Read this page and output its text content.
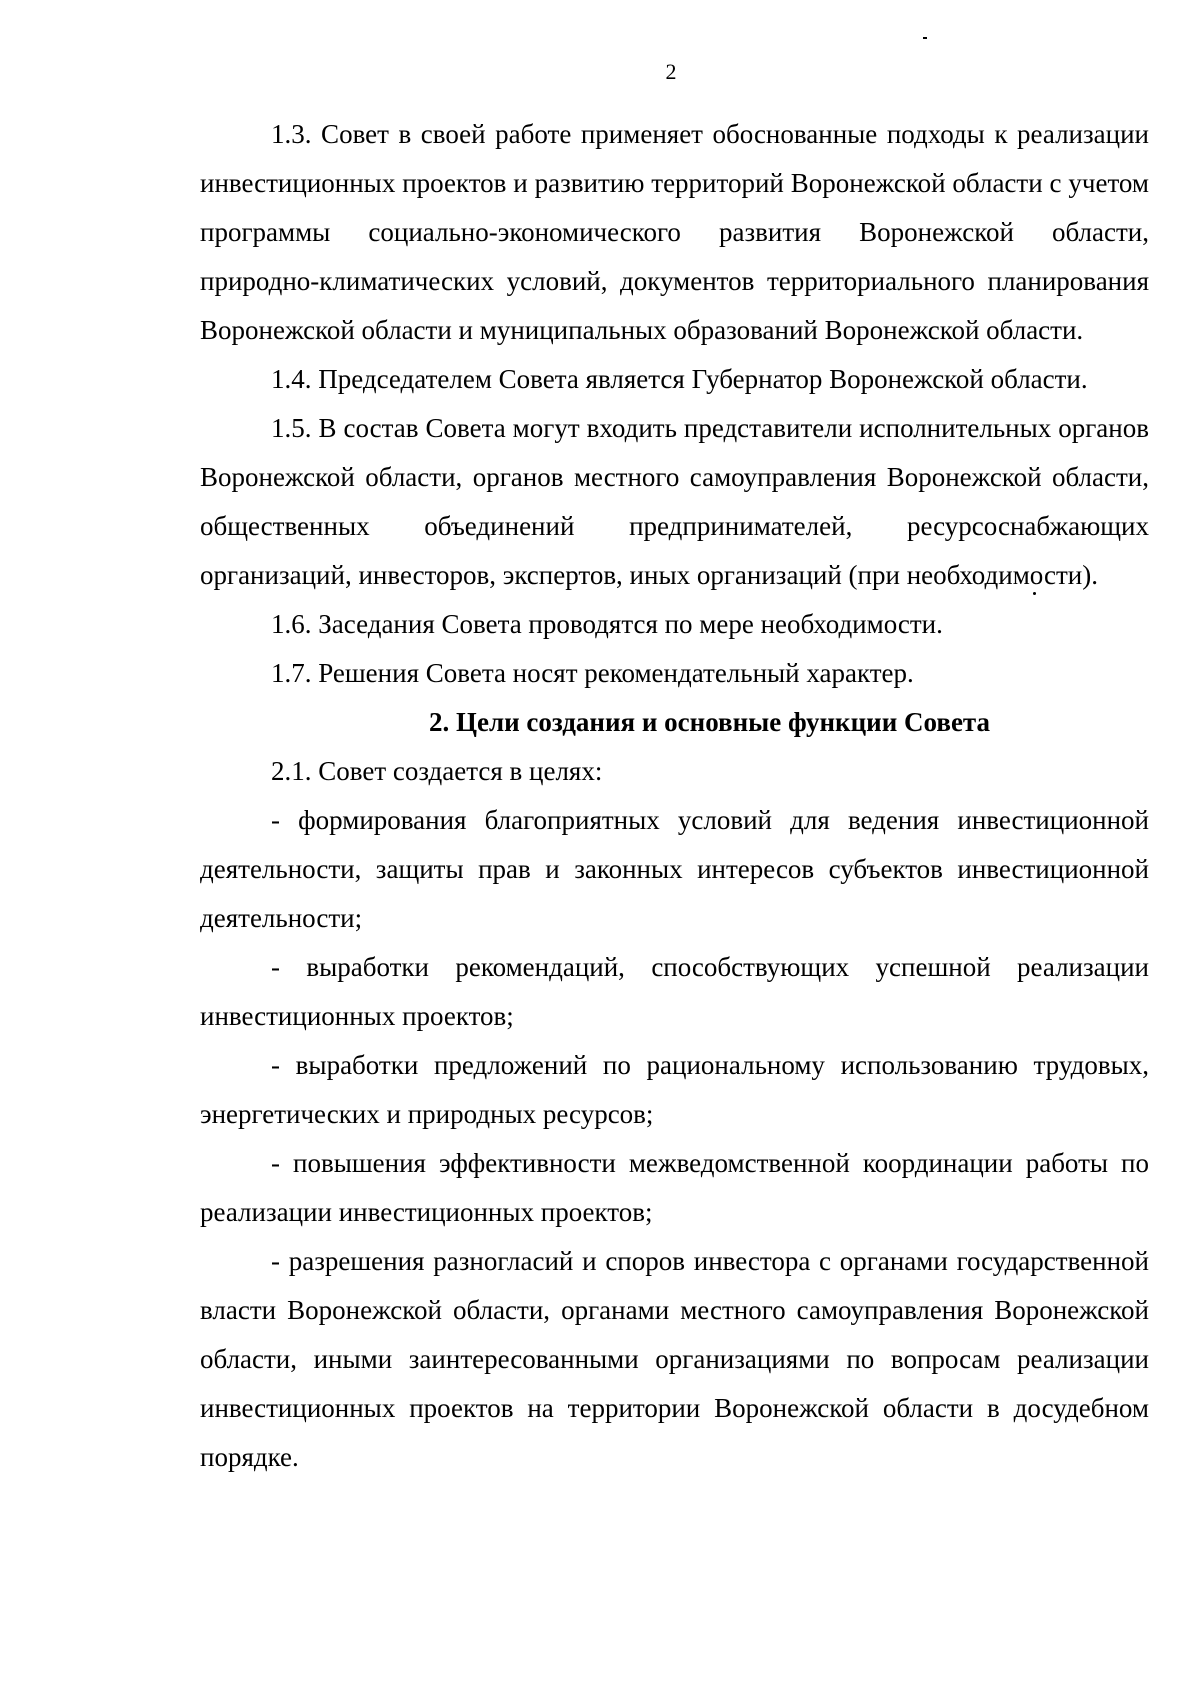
2

1.3. Совет в своей работе применяет обоснованные подходы к реализации инвестиционных проектов и развитию территорий Воронежской области с учетом программы социально-экономического развития Воронежской области, природно-климатических условий, документов территориального планирования Воронежской области и муниципальных образований Воронежской области.

1.4. Председателем Совета является Губернатор Воронежской области.

1.5. В состав Совета могут входить представители исполнительных органов Воронежской области, органов местного самоуправления Воронежской области, общественных объединений предпринимателей, ресурсоснабжающих организаций, инвесторов, экспертов, иных организаций (при необходимости).

1.6. Заседания Совета проводятся по мере необходимости.

1.7. Решения Совета носят рекомендательный характер.

2. Цели создания и основные функции Совета

2.1. Совет создается в целях:

- формирования благоприятных условий для ведения инвестиционной деятельности, защиты прав и законных интересов субъектов инвестиционной деятельности;

- выработки рекомендаций, способствующих успешной реализации инвестиционных проектов;

- выработки предложений по рациональному использованию трудовых, энергетических и природных ресурсов;

- повышения эффективности межведомственной координации работы по реализации инвестиционных проектов;

- разрешения разногласий и споров инвестора с органами государственной власти Воронежской области, органами местного самоуправления Воронежской области, иными заинтересованными организациями по вопросам реализации инвестиционных проектов на территории Воронежской области в досудебном порядке.
